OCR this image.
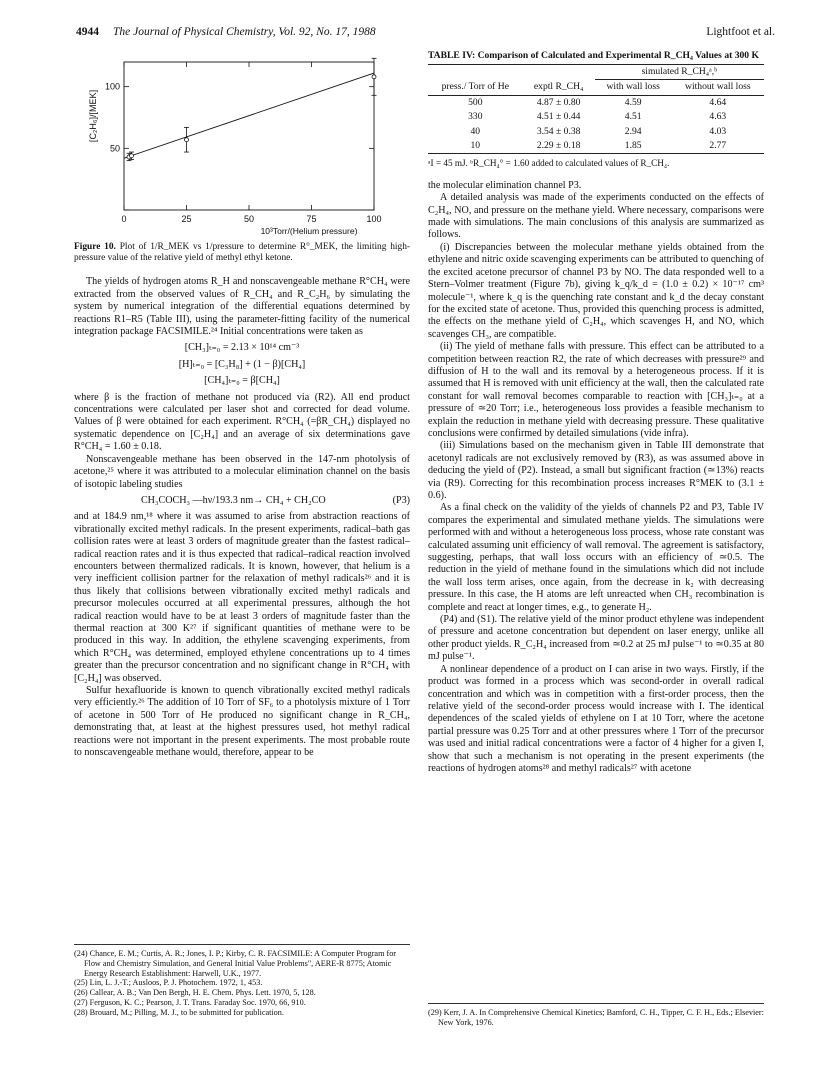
4944 The Journal of Physical Chemistry, Vol. 92, No. 17, 1988	Lightfoot et al.
0	25	50	75	100
50
100
10³Torr/(Helium pressure)
[C₂H₆]/[MEK]
Figure 10. Plot of 1/R_MEK vs 1/pressure to determine R°_MEK, the limiting high-pressure value of the relative yield of methyl ethyl ketone.

The yields of hydrogen atoms R_H and nonscavengeable methane R°CH₄ were extracted from the observed values of R_CH₄ and R_C₂H₆ by simulating the system by numerical integration of the differential equations determined by reactions R1–R5 (Table III), using the parameter-fitting facility of the numerical integration package FACSIMILE.²⁴ Initial concentrations were taken as

[CH₃]ₜ₌₀ = 2.13 × 10¹⁴ cm⁻³
[H]ₜ₌₀ = [C₃H₈] + (1 − β)[CH₄]
[CH₄]ₜ₌₀ = β[CH₄]

where β is the fraction of methane not produced via (R2). All end product concentrations were calculated per laser shot and corrected for dead volume. Values of β were obtained for each experiment. R°CH₄ (=βR_CH₄) displayed no systematic dependence on [C₂H₄] and an average of six determinations gave R°CH₄ = 1.60 ± 0.18.

Nonscavengeable methane has been observed in the 147-nm photolysis of acetone,²⁵ where it was attributed to a molecular elimination channel on the basis of isotopic labeling studies

CH₃COCH₃ —hν/193.3 nm→ CH₄ + CH₂CO	(P3)

and at 184.9 nm,¹⁸ where it was assumed to arise from abstraction reactions of vibrationally excited methyl radicals. In the present experiments, radical–bath gas collision rates were at least 3 orders of magnitude greater than the fastest radical–radical reaction rates and it is thus expected that radical–radical reaction involved encounters between thermalized radicals. It is known, however, that helium is a very inefficient collision partner for the relaxation of methyl radicals²⁶ and it is thus likely that collisions between vibrationally excited methyl radicals and precursor molecules occurred at all experimental pressures, although the hot radical reaction would have to be at least 3 orders of magnitude faster than the thermal reaction at 300 K²⁷ if significant quantities of methane were to be produced in this way. In addition, the ethylene scavenging experiments, from which R°CH₄ was determined, employed ethylene concentrations up to 4 times greater than the precursor concentration and no significant change in R°CH₄ with [C₂H₄] was observed.

Sulfur hexafluoride is known to quench vibrationally excited methyl radicals very efficiently.²⁶ The addition of 10 Torr of SF₆ to a photolysis mixture of 1 Torr of acetone in 500 Torr of He produced no significant change in R_CH₄, demonstrating that, at least at the highest pressures used, hot methyl radical reactions were not important in the present experiments. The most probable route to nonscavengeable methane would, therefore, appear to be

(24) Chance, E. M.; Curtis, A. R.; Jones, I. P.; Kirby, C. R. FACSIMILE: A Computer Program for Flow and Chemistry Simulation, and General Initial Value Problems", AERE-R 8775; Atomic Energy Research Establishment: Harwell, U.K., 1977.

(25) Lin, L. J.-T.; Ausloos, P. J. Photochem. 1972, 1, 453.

(26) Callear, A. B.; Van Den Bergh, H. E. Chem. Phys. Lett. 1970, 5, 128.

(27) Ferguson, K. C.; Pearson, J. T. Trans. Faraday Soc. 1970, 66, 910.

(28) Brouard, M.; Pilling, M. J., to be submitted for publication.

TABLE IV: Comparison of Calculated and Experimental R_CH₄ Values at 300 K
		simulated R_CH₄ᵃ,ᵇ	
press./ Torr of He	exptl R_CH₄	with wall loss	without wall loss
500	4.87 ± 0.80	4.59	4.64
330	4.51 ± 0.44	4.51	4.63
40	3.54 ± 0.38	2.94	4.03
10	2.29 ± 0.18	1.85	2.77
ᵃI = 45 mJ. ᵇR_CH₄° = 1.60 added to calculated values of R_CH₄.

the molecular elimination channel P3.

A detailed analysis was made of the experiments conducted on the effects of C₂H₄, NO, and pressure on the methane yield. Where necessary, comparisons were made with simulations. The main conclusions of this analysis are summarized as follows.

(i) Discrepancies between the molecular methane yields obtained from the ethylene and nitric oxide scavenging experiments can be attributed to quenching of the excited acetone precursor of channel P3 by NO. The data responded well to a Stern–Volmer treatment (Figure 7b), giving k_q/k_d = (1.0 ± 0.2) × 10⁻¹⁷ cm³ molecule⁻¹, where k_q is the quenching rate constant and k_d the decay constant for the excited state of acetone. Thus, provided this quenching process is admitted, the effects on the methane yield of C₂H₄, which scavenges H, and NO, which scavenges CH₃, are compatible.

(ii) The yield of methane falls with pressure. This effect can be attributed to a competition between reaction R2, the rate of which decreases with pressure²⁹ and diffusion of H to the wall and its removal by a heterogeneous process. If it is assumed that H is removed with unit efficiency at the wall, then the calculated rate constant for wall removal becomes comparable to reaction with [CH₃]ₜ₌₀ at a pressure of ≃20 Torr; i.e., heterogeneous loss provides a feasible mechanism to explain the reduction in methane yield with decreasing pressure. These qualitative conclusions were confirmed by detailed simulations (vide infra).

(iii) Simulations based on the mechanism given in Table III demonstrate that acetonyl radicals are not exclusively removed by (R3), as was assumed above in deducing the yield of (P2). Instead, a small but significant fraction (≃13%) reacts via (R9). Correcting for this recombination process increases R°MEK to (3.1 ± 0.6).

As a final check on the validity of the yields of channels P2 and P3, Table IV compares the experimental and simulated methane yields. The simulations were performed with and without a heterogeneous loss process, whose rate constant was calculated assuming unit efficiency of wall removal. The agreement is satisfactory, suggesting, perhaps, that wall loss occurs with an efficiency of ≃0.5. The reduction in the yield of methane found in the simulations which did not include the wall loss term arises, once again, from the decrease in k₂ with decreasing pressure. In this case, the H atoms are left unreacted when CH₃ recombination is complete and react at longer times, e.g., to generate H₂.

(P4) and (S1). The relative yield of the minor product ethylene was independent of pressure and acetone concentration but dependent on laser energy, unlike all other product yields. R_C₂H₄ increased from ≃0.2 at 25 mJ pulse⁻¹ to ≃0.35 at 80 mJ pulse⁻¹.

A nonlinear dependence of a product on I can arise in two ways. Firstly, if the product was formed in a process which was second-order in overall radical concentration and which was in competition with a first-order process, then the relative yield of the second-order process would increase with I. The identical dependences of the scaled yields of ethylene on I at 10 Torr, where the acetone partial pressure was 0.25 Torr and at other pressures where 1 Torr of the precursor was used and initial radical concentrations were a factor of 4 higher for a given I, show that such a mechanism is not operating in the present experiments (the reactions of hydrogen atoms²⁸ and methyl radicals²⁷ with acetone

(29) Kerr, J. A. In Comprehensive Chemical Kinetics; Bamford, C. H., Tipper, C. F. H., Eds.; Elsevier: New York, 1976.
